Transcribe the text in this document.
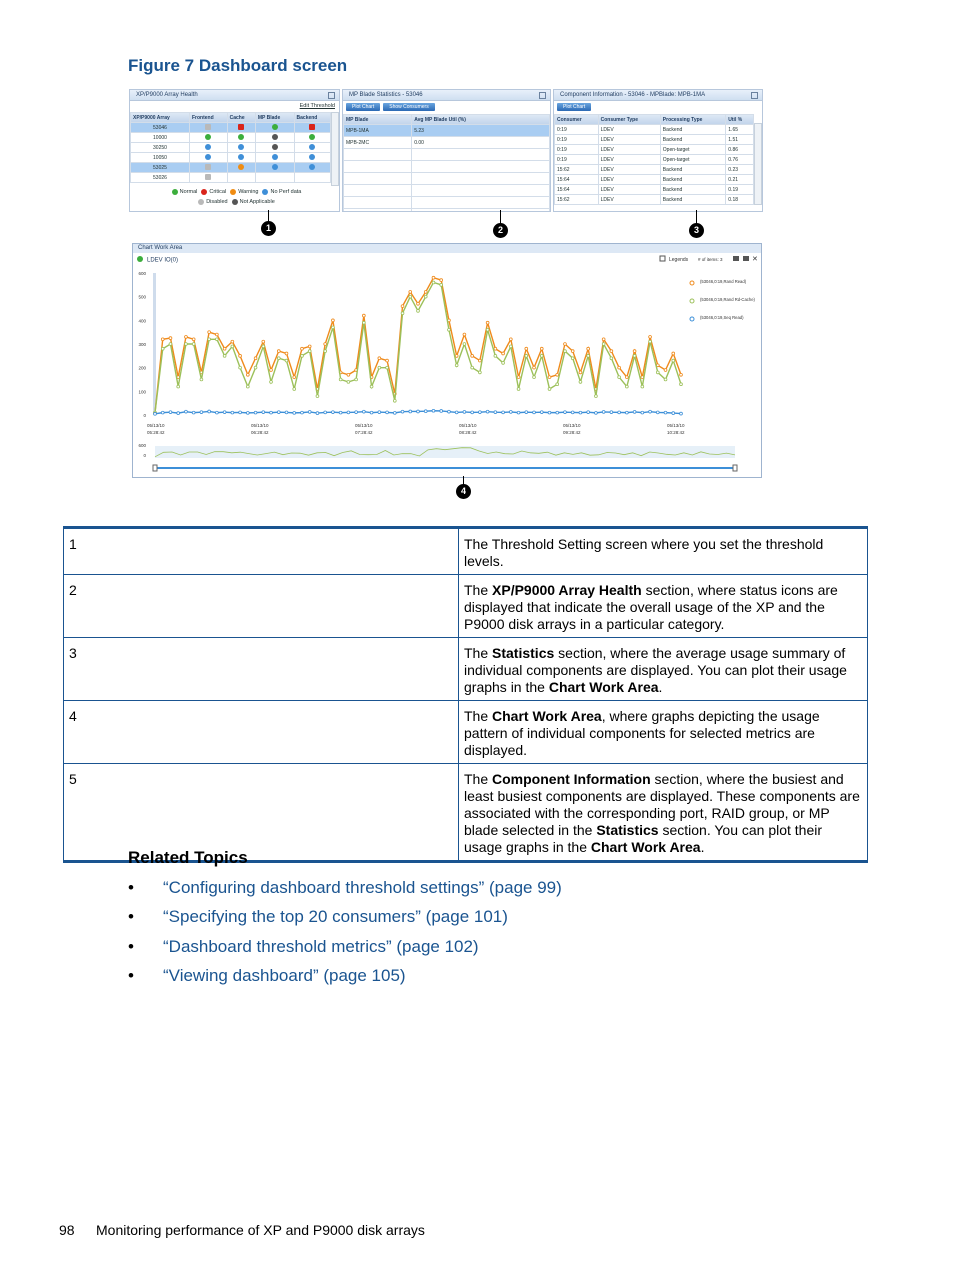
Figure 7 Dashboard screen
XP/P9000 Array Health
Edit Threshold
XP/P9000 Array	Frontend	Cache	MP Blade	Backend
53046				
10000				
30250				
10050				
53025				
53026				
Normal Critical Warning No Perf data
Disabled Not Applicable
MP Blade Statistics - 53046
Plot Chart	Show Consumers
MP Blade	Avg MP Blade Util (%)
MPB-1MA	5.23
MPB-2MC	0.00

Component Information - 53046 - MPBlade: MPB-1MA
Plot Chart
Consumer	Consumer Type	Processing Type	Util %
0:19	LDEV	Backend	1.65
0:19	LDEV	Backend	1.51
0:19	LDEV	Open-target	0.86
0:19	LDEV	Open-target	0.76
15:62	LDEV	Backend	0.23
15:64	LDEV	Backend	0.21
15:64	LDEV	Backend	0.19
15:62	LDEV	Backend	0.18
Chart Work Area
LDEV IO(0)	Legends # of items: 3	✕
600
500
400
300
200
100
0
05/13/10
05:28:42
05/13/10
06:28:42
05/13/10
07:28:42
05/13/10
08:28:42
05/13/10
09:28:42
05/13/10
10:28:42
(53046,0:19,Rand Read)
(53046,0:19,Rand Rd-Cache)
(53046,0:19,Seq Read)
600
0
1	2	3
4
1	The Threshold Setting screen where you set the threshold levels.
2	The XP/P9000 Array Health section, where status icons are displayed that indicate the overall usage of the XP and the P9000 disk arrays in a particular category.
3	The Statistics section, where the average usage summary of individual components are displayed. You can plot their usage graphs in the Chart Work Area.
4	The Chart Work Area, where graphs depicting the usage pattern of individual components for selected metrics are displayed.
5	The Component Information section, where the busiest and least busiest components are displayed. These components are associated with the corresponding port, RAID group, or MP blade selected in the Statistics section. You can plot their usage graphs in the Chart Work Area.
Related Topics
• “Configuring dashboard threshold settings” (page 99)
• “Specifying the top 20 consumers” (page 101)
• “Dashboard threshold metrics” (page 102)
• “Viewing dashboard” (page 105)
98 Monitoring performance of XP and P9000 disk arrays
